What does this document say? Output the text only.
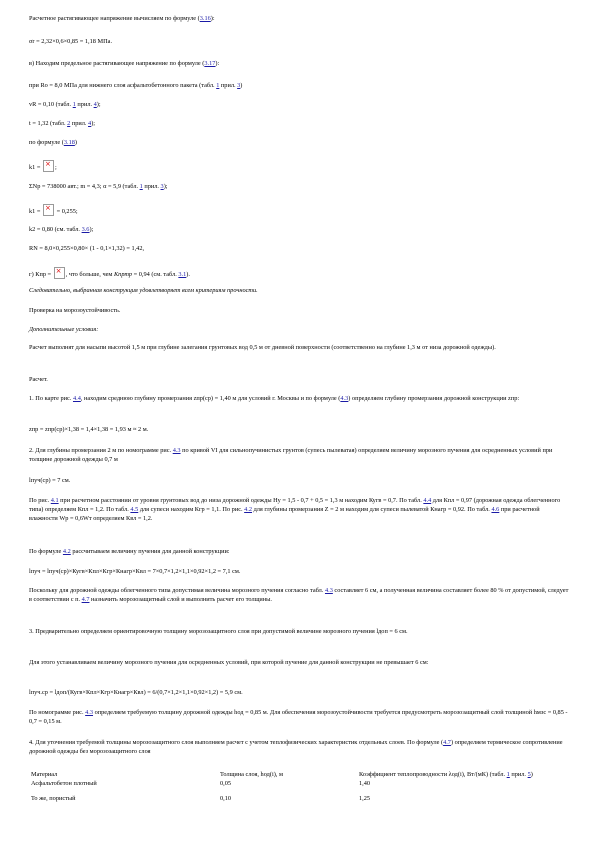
Расчетное растягивающее напряжение вычисляем по формуле (3.16):
σr = 2,32×0,6×0,85 = 1,18 МПа.
в) Находим предельное растягивающее напряжение по формуле (3.17):
при Ro = 8,0 МПа для нижнего слоя асфальтобетонного пакета (табл. 1 прил. 3)
vR = 0,10 (табл. 1 прил. 4);
t = 1,32 (табл. 2 прил. 4);
по формуле (3.18)
k1 = ×;
ΣNр = 738000 авт.; m = 4,3; α = 5,9 (табл. 1 прил. 3);
k1 = × = 0,255;
k2 = 0,80 (см. табл. 3.6);
RN = 8,0×0,255×0,80× (1 - 0,1×1,32) = 1,42,
г) Кпр = ×, что больше, чем Кпртр = 0,94 (см. табл. 3.1).
Следовательно, выбранная конструкция удовлетворяет всем критериям прочности.
Проверка на морозоустойчивость.
Дополнительные условия:
Расчет выполнят для насыпи высотой 1,5 м при глубине залегания грунтовых вод 0,5 м от дневной поверхности (соответственно на глубине 1,3 м от низа дорожной одежды).
Расчет.
1. По карте рис. 4.4, находим среднюю глубину промерзания zпр(ср) = 1,40 м для условий г. Москвы и по формуле (4.3) определяем глубину промерзания дорожной конструкции zпр:
zпр = zпр(ср)×1,38 = 1,4×1,38 = 1,93 м ≈ 2 м.
2. Для глубины промерзания 2 м по номограмме рис. 4.3 по кривой VI для сильнопучинистых грунтов (супесь пылеватая) определяем величину морозного пучения для осредненных условий при толщине дорожной одежды 0,7 м
lпуч(ср) = 7 см.
По рис. 4.1 при расчетном расстоянии от уровня грунтовых вод до низа дорожной одежды Hу = 1,5 - 0,7 + 0,5 = 1,3 м находим Кугв = 0,7. По табл. 4.4 для Кпл = 0,97 (дорожная одежда облегченного типа) определяем Кпл = 1,2. По табл. 4.5 для супеси находим Кгр = 1,1. По рис. 4.2 для глубины промерзания Z = 2 м находим для супеси пылеватой Кнагр = 0,92. По табл. 4.6 при расчетной влажности Wр = 0,6Wт определяем Квл = 1,2.
По формуле 4.2 рассчитываем величину пучения для данной конструкции:
lпуч = lпуч(ср)×Кугв×Кпл×Кгр×Кнагр×Квл = 7×0,7×1,2×1,1×0,92×1,2 = 7,1 см.
Поскольку для дорожной одежды облегченного типа допустимая величина морозного пучения согласно табл. 4.3 составляет 6 см, а полученная величина составляет более 80 % от допустимой, следует в соответствии с п. 4.7 назначить морозозащитный слой и выполнить расчет его толщины.
3. Предварительно определяем ориентировочную толщину морозозащитного слоя при допустимой величине морозного пучения lдоп = 6 см.
Для этого устанавливаем величину морозного пучения для осредненных условий, при которой пучение для данной конструкции не превышает 6 см:
lпуч.ср = lдоп/(Кугв×Кпл×Кгр×Кнагр×Квл) = 6/(0,7×1,2×1,1×0,92×1,2) = 5,9 см.
По номограмме рис. 4.3 определяем требуемую толщину дорожной одежды hод = 0,85 м. Для обеспечения морозоустойчивости требуется предусмотреть морозозащитный слой толщиной hмзс = 0,85 - 0,7 = 0,15 м.
4. Для уточнения требуемой толщины морозозащитного слоя выполняем расчет с учетом теплофизических характеристик отдельных слоев. По формуле (4.7) определяем термическое сопротивление дорожной одежды без морозозащитного слоя
Материал	Толщина слоя, hод(i), м	Коэффициент теплопроводности λод(i), Вт/(мК) (табл. 1 прил. 5)
Асфальтобетон плотный	0,05	1,40
То же, пористый	0,10	1,25
